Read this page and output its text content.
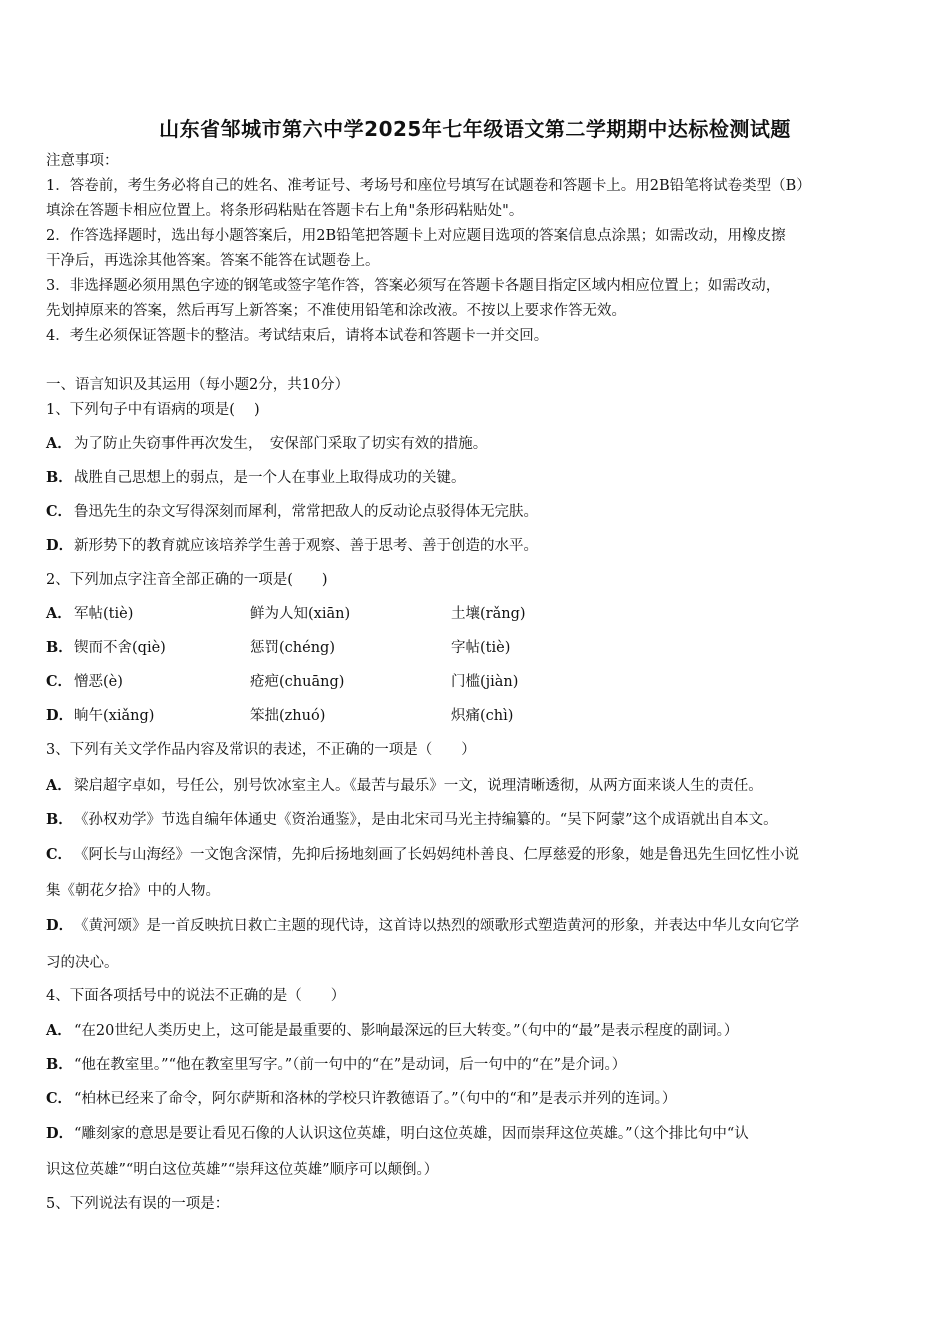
山东省邹城市第六中学2025年七年级语文第二学期期中达标检测试题
注意事项：
1．答卷前，考生务必将自己的姓名、准考证号、考场号和座位号填写在试题卷和答题卡上。用2B铅笔将试卷类型（B）
填涂在答题卡相应位置上。将条形码粘贴在答题卡右上角"条形码粘贴处"。
2．作答选择题时，选出每小题答案后，用2B铅笔把答题卡上对应题目选项的答案信息点涂黑；如需改动，用橡皮擦
干净后，再选涂其他答案。答案不能答在试题卷上。
3．非选择题必须用黑色字迹的钢笔或签字笔作答，答案必须写在答题卡各题目指定区域内相应位置上；如需改动，
先划掉原来的答案，然后再写上新答案；不准使用铅笔和涂改液。不按以上要求作答无效。
4．考生必须保证答题卡的整洁。考试结束后，请将本试卷和答题卡一并交回。
一、语言知识及其运用（每小题2分，共10分）
1、下列句子中有语病的项是(　 )
A． 为了防止失窃事件再次发生，　安保部门采取了切实有效的措施。
B．战胜自己思想上的弱点，是一个人在事业上取得成功的关键。
C． 鲁迅先生的杂文写得深刻而犀利，常常把敌人的反动论点驳得体无完肤。
D．新形势下的教育就应该培养学生善于观察、善于思考、善于创造的水平。
2、下列加点字注音全部正确的一项是(　　)
A． 军帖(tiè)	鲜为人知(xiān)	土壤(rǎng)
B．锲而不舍(qiè)	惩罚(chéng)	字帖(tiè)
C． 憎恶(è)	疮疤(chuāng)	门槛(jiàn)
D．晌午(xiǎng)	笨拙(zhuó)	炽痛(chì)
3、下列有关文学作品内容及常识的表述，不正确的一项是（　　）
A． 梁启超字卓如，号任公，别号饮冰室主人。《最苦与最乐》一文，说理清晰透彻，从两方面来谈人生的责任。
B．《孙权劝学》节选自编年体通史《资治通鉴》，是由北宋司马光主持编纂的。“吴下阿蒙”这个成语就出自本文。
C． 《阿长与山海经》一文饱含深情，先抑后扬地刻画了长妈妈纯朴善良、仁厚慈爱的形象，她是鲁迅先生回忆性小说
集《朝花夕拾》中的人物。
D．《黄河颂》是一首反映抗日救亡主题的现代诗，这首诗以热烈的颂歌形式塑造黄河的形象，并表达中华儿女向它学
习的决心。
4、下面各项括号中的说法不正确的是（　　）
A． “在20世纪人类历史上，这可能是最重要的、影响最深远的巨大转变。”（句中的“最”是表示程度的副词。）
B．“他在教室里。”“他在教室里写字。”（前一句中的“在”是动词，后一句中的“在”是介词。）
C． “柏林已经来了命令，阿尔萨斯和洛林的学校只许教德语了。”（句中的“和”是表示并列的连词。）
D．“雕刻家的意思是要让看见石像的人认识这位英雄，明白这位英雄，因而崇拜这位英雄。”（这个排比句中“认
识这位英雄”“明白这位英雄”“崇拜这位英雄”顺序可以颠倒。）
5、下列说法有误的一项是：
